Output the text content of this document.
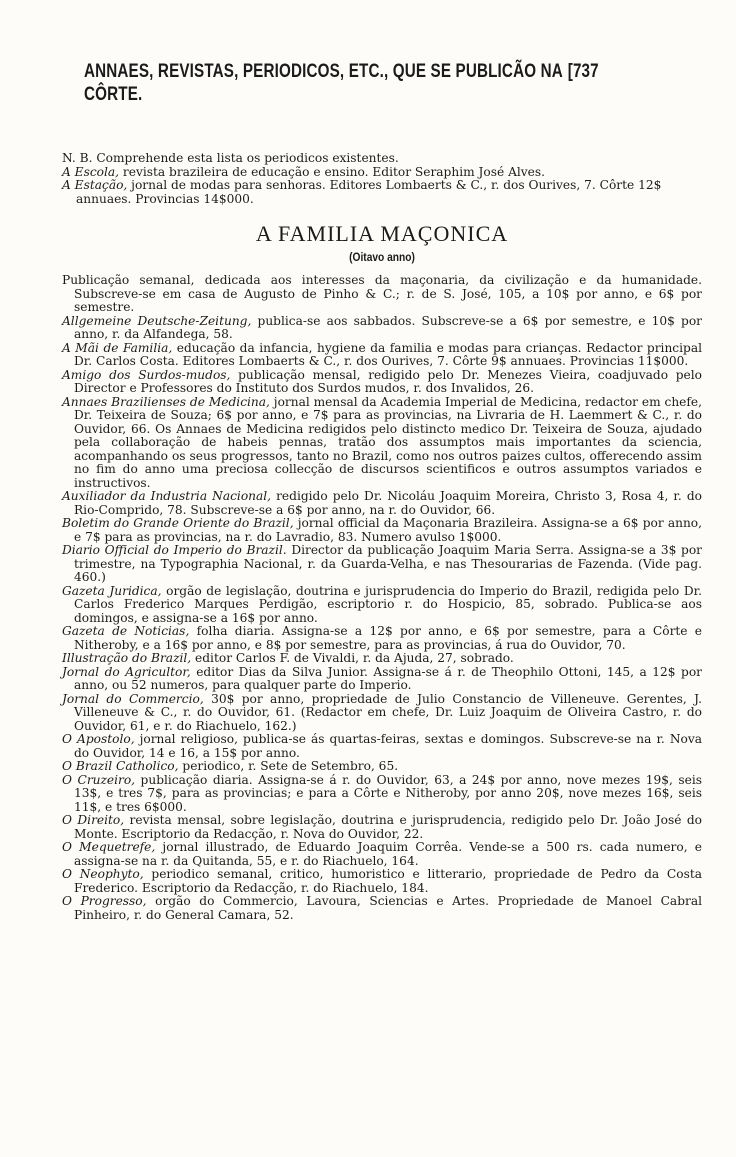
ANNAES, REVISTAS, PERIODICOS, ETC., QUE SE PUBLICÃO NA CÔRTE.
[737
N. B. Comprehende esta lista os periodicos existentes.
A Escola, revista brazileira de educação e ensino. Editor Seraphim José Alves.
A Estação, jornal de modas para senhoras. Editores Lombaerts & C., r. dos Ourives, 7. Côrte 12$ annuaes. Provincias 14$000.
A FAMILIA MAÇONICA
(Oitavo anno)
Publicação semanal, dedicada aos interesses da maçonaria, da civilização e da humanidade. Subscreve-se em casa de Augusto de Pinho & C.; r. de S. José, 105, a 10$ por anno, e 6$ por semestre.
Allgemeine Deutsche-Zeitung, publica-se aos sabbados. Subscreve-se a 6$ por semestre, e 10$ por anno, r. da Alfandega, 58.
A Mãi de Familia, educação da infancia, hygiene da familia e modas para crianças. Redactor principal Dr. Carlos Costa. Editores Lombaerts & C., r. dos Ourives, 7. Côrte 9$ annuaes. Provincias 11$000.
Amigo dos Surdos-mudos, publicação mensal, redigido pelo Dr. Menezes Vieira, coadjuvado pelo Director e Professores do Instituto dos Surdos mudos, r. dos Invalidos, 26.
Annaes Brazilienses de Medicina, jornal mensal da Academia Imperial de Medicina, redactor em chefe, Dr. Teixeira de Souza; 6$ por anno, e 7$ para as provincias, na Livraria de H. Laemmert & C., r. do Ouvidor, 66. Os Annaes de Medicina redigidos pelo distincto medico Dr. Teixeira de Souza, ajudado pela collaboração de habeis pennas, tratão dos assumptos mais importantes da sciencia, acompanhando os seus progressos, tanto no Brazil, como nos outros paizes cultos, offerecendo assim no fim do anno uma preciosa collecção de discursos scientificos e outros assumptos variados e instructivos.
Auxiliador da Industria Nacional, redigido pelo Dr. Nicoláu Joaquim Moreira, Christo 3, Rosa 4, r. do Rio-Comprido, 78. Subscreve-se a 6$ por anno, na r. do Ouvidor, 66.
Boletim do Grande Oriente do Brazil, jornal official da Maçonaria Brazileira. Assigna-se a 6$ por anno, e 7$ para as provincias, na r. do Lavradio, 83. Numero avulso 1$000.
Diario Official do Imperio do Brazil. Director da publicação Joaquim Maria Serra. Assigna-se a 3$ por trimestre, na Typographia Nacional, r. da Guarda-Velha, e nas Thesourarias de Fazenda. (Vide pag. 460.)
Gazeta Juridica, orgão de legislação, doutrina e jurisprudencia do Imperio do Brazil, redigida pelo Dr. Carlos Frederico Marques Perdigão, escriptorio r. do Hospicio, 85, sobrado. Publica-se aos domingos, e assigna-se a 16$ por anno.
Gazeta de Noticias, folha diaria. Assigna-se a 12$ por anno, e 6$ por semestre, para a Côrte e Nitheroby, e a 16$ por anno, e 8$ por semestre, para as provincias, á rua do Ouvidor, 70.
Illustração do Brazil, editor Carlos F. de Vivaldi, r. da Ajuda, 27, sobrado.
Jornal do Agricultor, editor Dias da Silva Junior. Assigna-se á r. de Theophilo Ottoni, 145, a 12$ por anno, ou 52 numeros, para qualquer parte do Imperio.
Jornal do Commercio, 30$ por anno, propriedade de Julio Constancio de Villeneuve. Gerentes, J. Villeneuve & C., r. do Ouvidor, 61. (Redactor em chefe, Dr. Luiz Joaquim de Oliveira Castro, r. do Ouvidor, 61, e r. do Riachuelo, 162.)
O Apostolo, jornal religioso, publica-se ás quartas-feiras, sextas e domingos. Subscreve-se na r. Nova do Ouvidor, 14 e 16, a 15$ por anno.
O Brazil Catholico, periodico, r. Sete de Setembro, 65.
O Cruzeiro, publicação diaria. Assigna-se á r. do Ouvidor, 63, a 24$ por anno, nove mezes 19$, seis 13$, e tres 7$, para as provincias; e para a Côrte e Nitheroby, por anno 20$, nove mezes 16$, seis 11$, e tres 6$000.
O Direito, revista mensal, sobre legislação, doutrina e jurisprudencia, redigido pelo Dr. João José do Monte. Escriptorio da Redacção, r. Nova do Ouvidor, 22.
O Mequetrefe, jornal illustrado, de Eduardo Joaquim Corrêa. Vende-se a 500 rs. cada numero, e assigna-se na r. da Quitanda, 55, e r. do Riachuelo, 164.
O Neophyto, periodico semanal, critico, humoristico e litterario, propriedade de Pedro da Costa Frederico. Escriptorio da Redacção, r. do Riachuelo, 184.
O Progresso, orgão do Commercio, Lavoura, Sciencias e Artes. Propriedade de Manoel Cabral Pinheiro, r. do General Camara, 52.
